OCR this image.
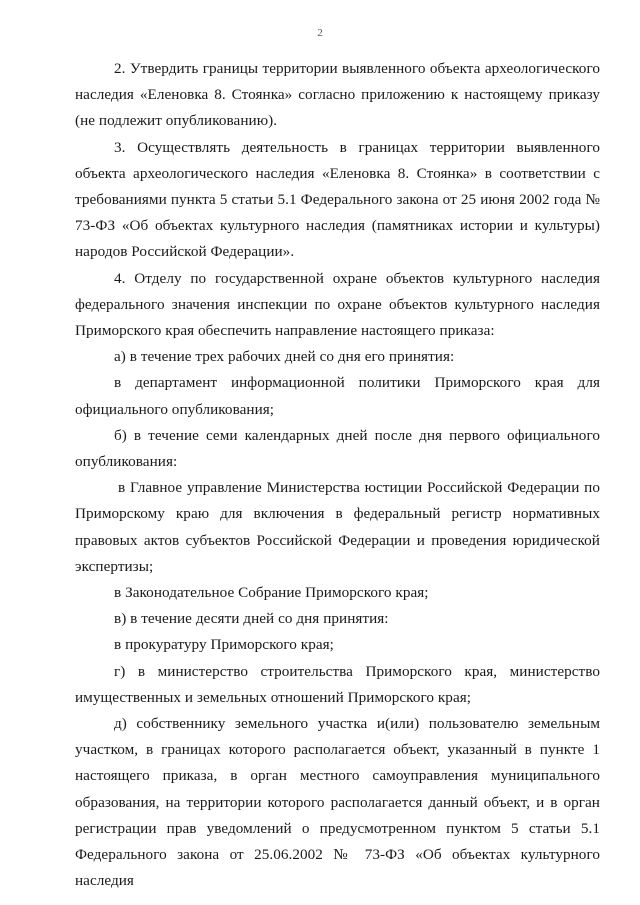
2

2. Утвердить границы территории выявленного объекта археологического наследия «Еленовка 8. Стоянка» согласно приложению к настоящему приказу (не подлежит опубликованию).

3. Осуществлять деятельность в границах территории выявленного объекта археологического наследия «Еленовка 8. Стоянка» в соответствии с требованиями пункта 5 статьи 5.1 Федерального закона от 25 июня 2002 года № 73-ФЗ «Об объектах культурного наследия (памятниках истории и культуры) народов Российской Федерации».

4. Отделу по государственной охране объектов культурного наследия федерального значения инспекции по охране объектов культурного наследия Приморского края обеспечить направление настоящего приказа:

а) в течение трех рабочих дней со дня его принятия:

в департамент информационной политики Приморского края для официального опубликования;

б) в течение семи календарных дней после дня первого официального опубликования:

в Главное управление Министерства юстиции Российской Федерации по Приморскому краю для включения в федеральный регистр нормативных правовых актов субъектов Российской Федерации и проведения юридической экспертизы;

в Законодательное Собрание Приморского края;

в) в течение десяти дней со дня принятия:

в прокуратуру Приморского края;

г) в министерство строительства Приморского края, министерство имущественных и земельных отношений Приморского края;

д) собственнику земельного участка и(или) пользователю земельным участком, в границах которого располагается объект, указанный в пункте 1 настоящего приказа, в орган местного самоуправления муниципального образования, на территории которого располагается данный объект, и в орган регистрации прав уведомлений о предусмотренном пунктом 5 статьи 5.1 Федерального закона от 25.06.2002 № 73-ФЗ «Об объектах культурного наследия
